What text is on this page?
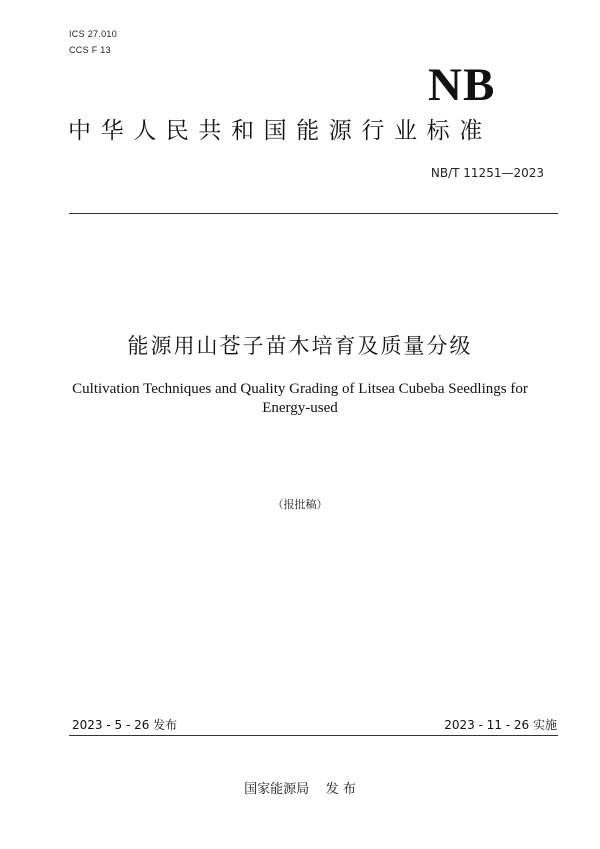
ICS 27.010
CCS F 13
NB
中华人民共和国能源行业标准
NB/T 11251—2023
能源用山苍子苗木培育及质量分级
Cultivation Techniques and Quality Grading of Litsea Cubeba Seedlings for Energy-used
（报批稿）
2023 - 5 - 26 发布	2023 - 11 - 26 实施
国家能源局    发 布
